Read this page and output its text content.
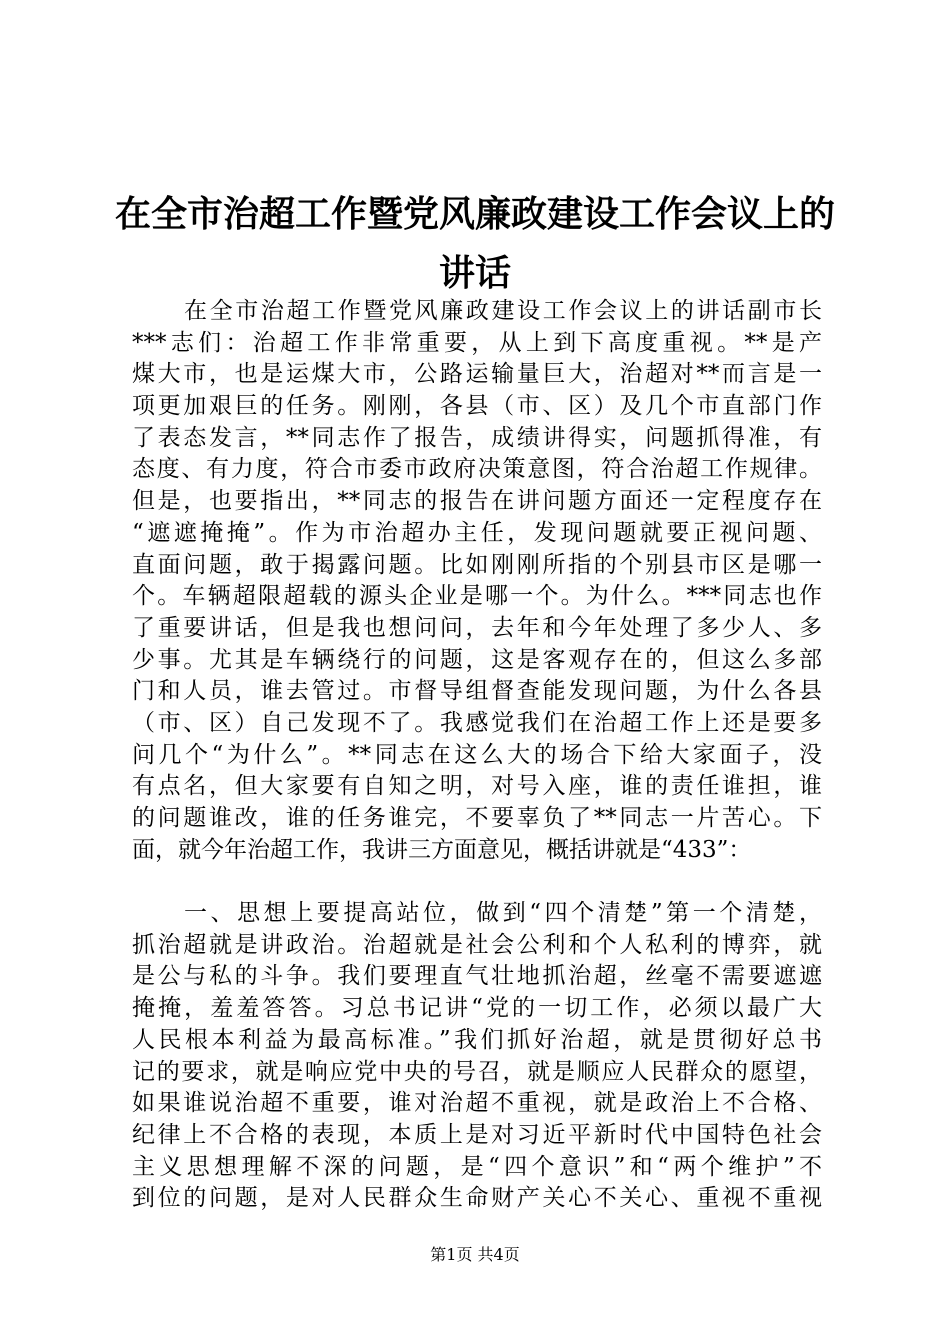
在全市治超工作暨党风廉政建设工作会议上的
讲话
在全市治超工作暨党风廉政建设工作会议上的讲话副市长
***志们：治超工作非常重要，从上到下高度重视。**是产
煤大市，也是运煤大市，公路运输量巨大，治超对**而言是一
项更加艰巨的任务。刚刚，各县（市、区）及几个市直部门作
了表态发言，**同志作了报告，成绩讲得实，问题抓得准，有
态度、有力度，符合市委市政府决策意图，符合治超工作规律。
但是，也要指出，**同志的报告在讲问题方面还一定程度存在
“遮遮掩掩”。作为市治超办主任，发现问题就要正视问题、
直面问题，敢于揭露问题。比如刚刚所指的个别县市区是哪一
个。车辆超限超载的源头企业是哪一个。为什么。***同志也作
了重要讲话，但是我也想问问，去年和今年处理了多少人、多
少事。尤其是车辆绕行的问题，这是客观存在的，但这么多部
门和人员，谁去管过。市督导组督查能发现问题，为什么各县
（市、区）自己发现不了。我感觉我们在治超工作上还是要多
问几个“为什么”。**同志在这么大的场合下给大家面子，没
有点名，但大家要有自知之明，对号入座，谁的责任谁担，谁
的问题谁改，谁的任务谁完，不要辜负了**同志一片苦心。下
面，就今年治超工作，我讲三方面意见，概括讲就是“433”：
一、思想上要提高站位，做到“四个清楚”第一个清楚，
抓治超就是讲政治。治超就是社会公利和个人私利的博弈，就
是公与私的斗争。我们要理直气壮地抓治超，丝毫不需要遮遮
掩掩，羞羞答答。习总书记讲“党的一切工作，必须以最广大
人民根本利益为最高标准。”我们抓好治超，就是贯彻好总书
记的要求，就是响应党中央的号召，就是顺应人民群众的愿望，
如果谁说治超不重要，谁对治超不重视，就是政治上不合格、
纪律上不合格的表现，本质上是对习近平新时代中国特色社会
主义思想理解不深的问题，是“四个意识”和“两个维护”不
到位的问题，是对人民群众生命财产关心不关心、重视不重视
第1页 共4页
